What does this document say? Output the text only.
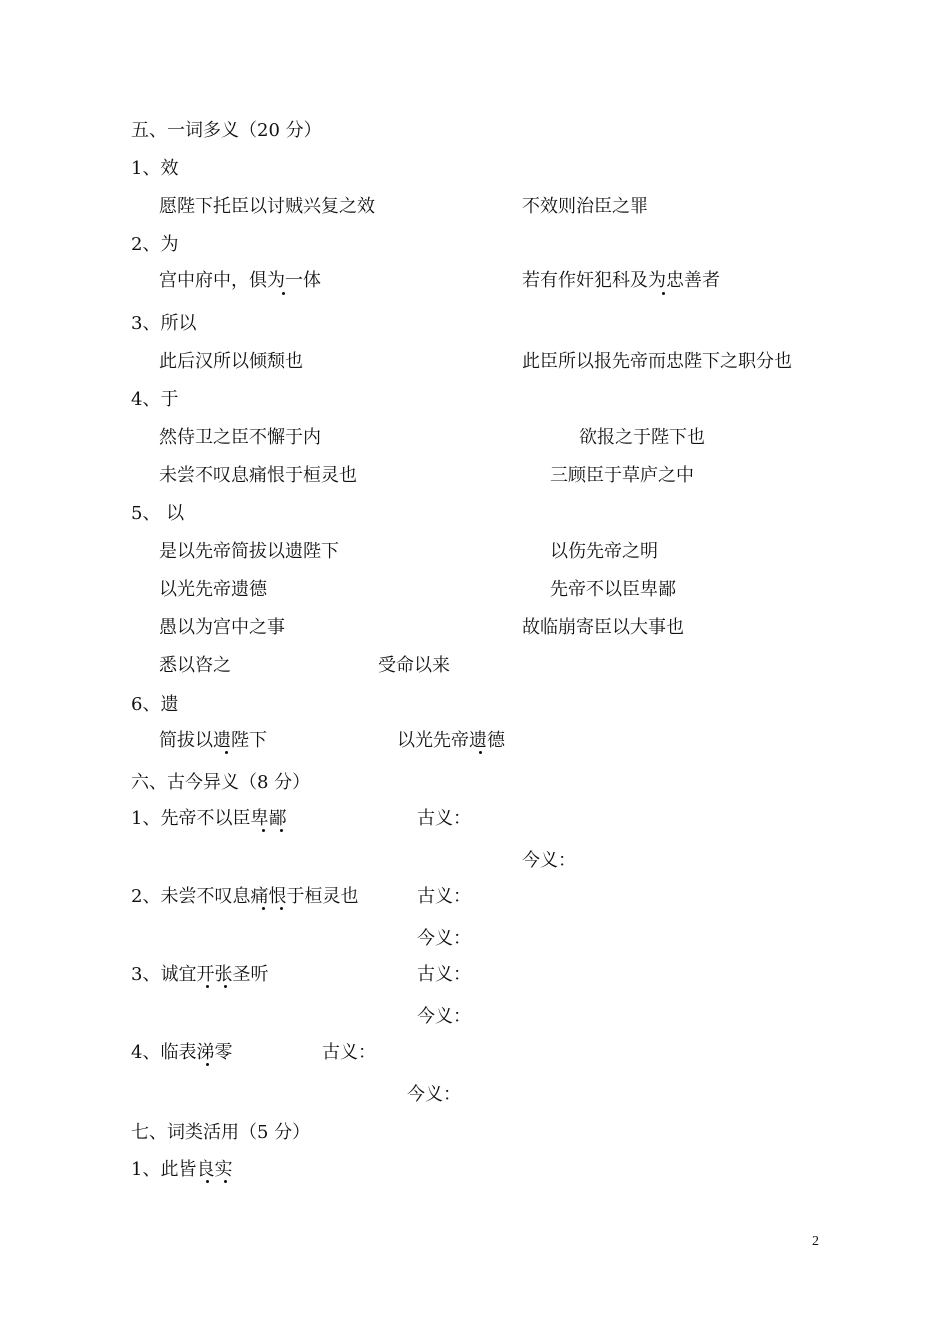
五、一词多义（20 分）
1、效
愿陛下托臣以讨贼兴复之效	不效则治臣之罪
2、为
宫中府中，俱为一体	若有作奸犯科及为忠善者
3、所以
此后汉所以倾颓也	此臣所以报先帝而忠陛下之职分也
4、于
然侍卫之臣不懈于内	欲报之于陛下也
未尝不叹息痛恨于桓灵也	三顾臣于草庐之中
5、 以
是以先帝简拔以遗陛下	以伤先帝之明
以光先帝遗德	先帝不以臣卑鄙
愚以为宫中之事	故临崩寄臣以大事也
悉以咨之	受命以来
6、遗
简拔以遗陛下	以光先帝遗德
六、古今异义（8 分）
1、先帝不以臣卑鄙	古义：
今义：
2、未尝不叹息痛恨于桓灵也	古义：
今义：
3、诚宜开张圣听	古义：
今义：
4、临表涕零	古义：
今义：
七、词类活用（5 分）
1、此皆良实
2
